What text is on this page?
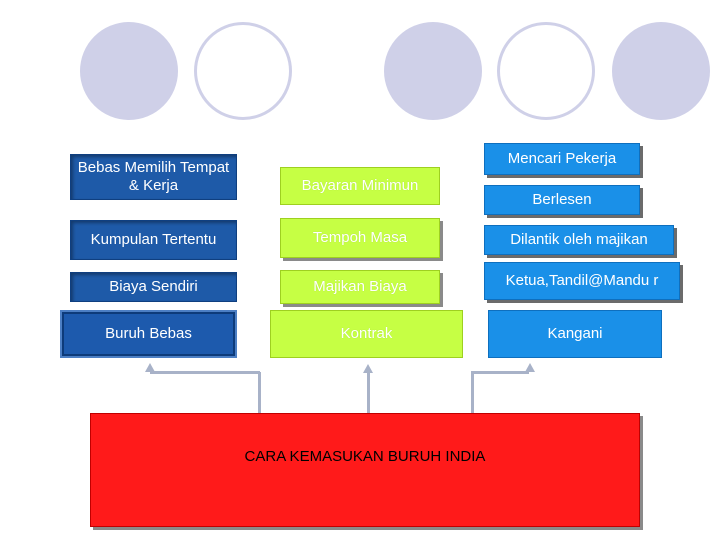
Bebas Memilih Tempat & Kerja
Kumpulan Tertentu
Biaya Sendiri
Buruh Bebas
Bayaran Minimun
Tempoh Masa
Majikan Biaya
Kontrak
Mencari Pekerja
Berlesen
Dilantik oleh majikan
Ketua,Tandil@Mandu r
Kangani
CARA KEMASUKAN BURUH INDIA
